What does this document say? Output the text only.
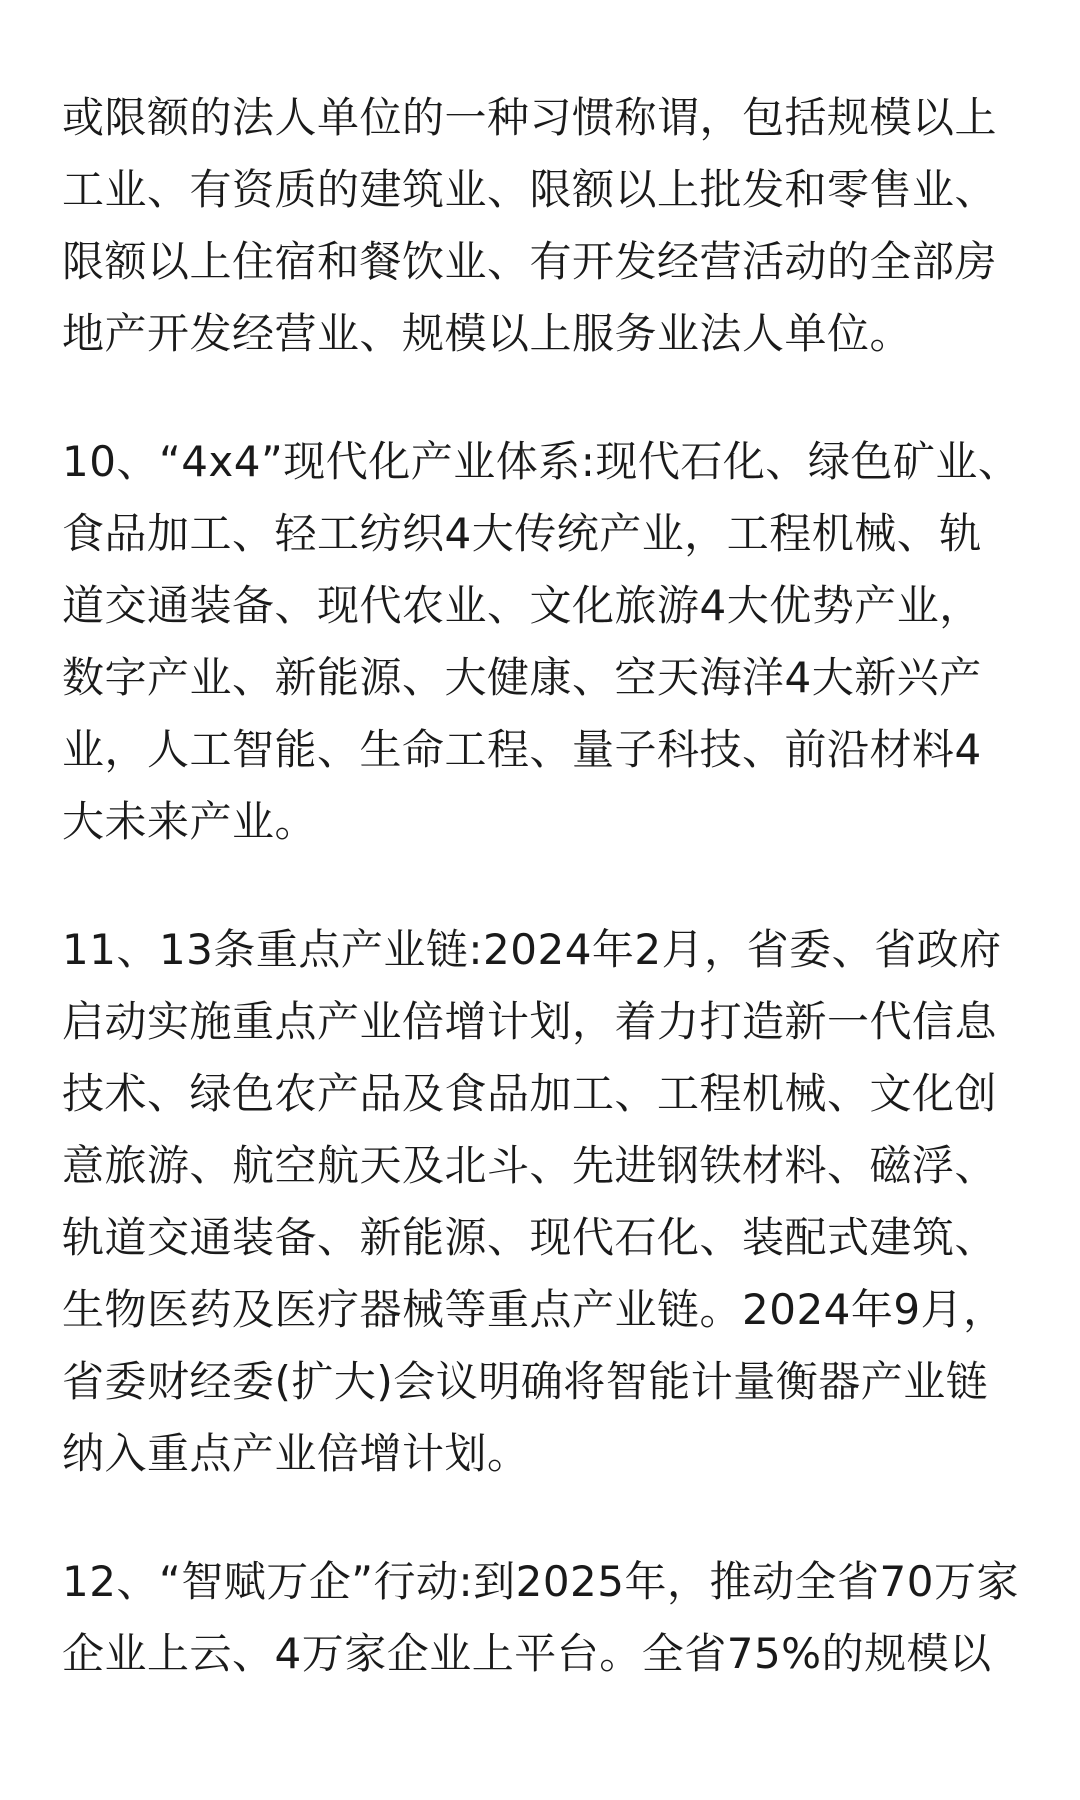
或限额的法人单位的一种习惯称谓，包括规模以上
工业、有资质的建筑业、限额以上批发和零售业、
限额以上住宿和餐饮业、有开发经营活动的全部房
地产开发经营业、规模以上服务业法人单位。
10、“4x4”现代化产业体系:现代石化、绿色矿业、
食品加工、轻工纺织4大传统产业，工程机械、轨
道交通装备、现代农业、文化旅游4大优势产业，
数字产业、新能源、大健康、空天海洋4大新兴产
业，人工智能、生命工程、量子科技、前沿材料4
大未来产业。
11、13条重点产业链:2024年2月，省委、省政府
启动实施重点产业倍增计划，着力打造新一代信息
技术、绿色农产品及食品加工、工程机械、文化创
意旅游、航空航天及北斗、先进钢铁材料、磁浮、
轨道交通装备、新能源、现代石化、装配式建筑、
生物医药及医疗器械等重点产业链。2024年9月，
省委财经委(扩大)会议明确将智能计量衡器产业链
纳入重点产业倍增计划。
12、“智赋万企”行动:到2025年，推动全省70万家
企业上云、4万家企业上平台。全省75%的规模以
